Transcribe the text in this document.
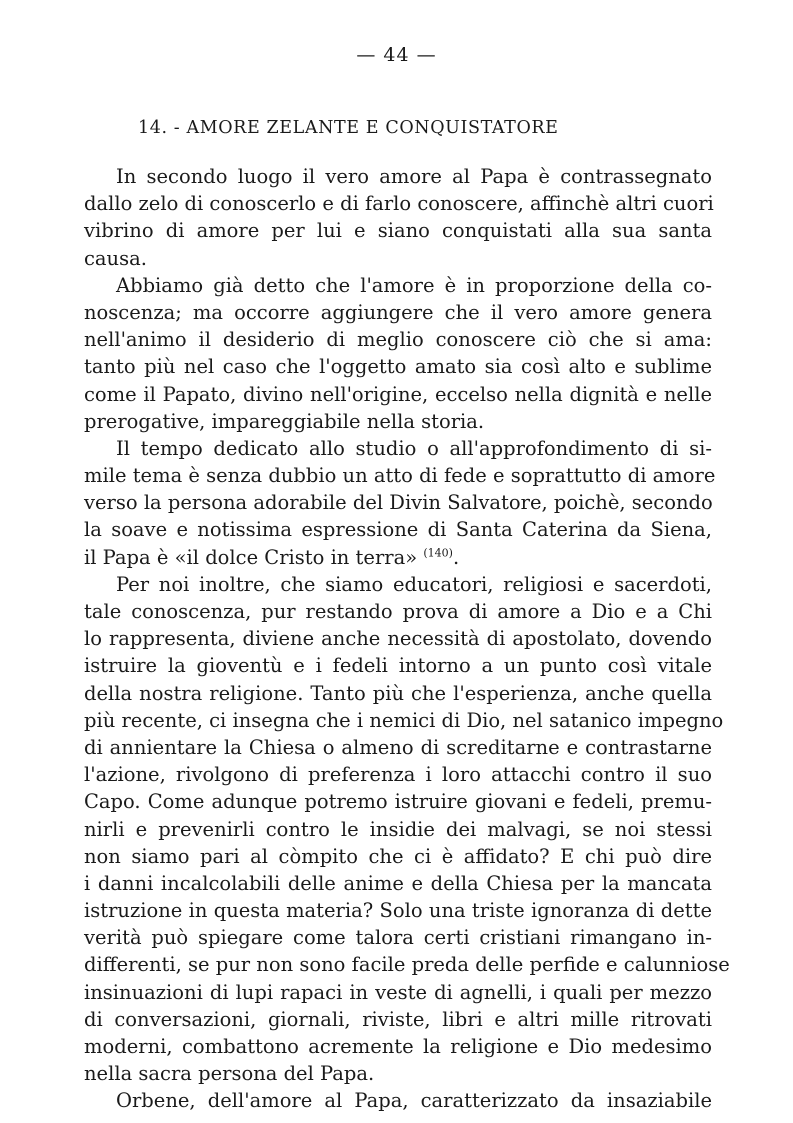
— 44 —
14. - AMORE ZELANTE E CONQUISTATORE
In secondo luogo il vero amore al Papa è contrassegnato
dallo zelo di conoscerlo e di farlo conoscere, affinchè altri cuori
vibrino di amore per lui e siano conquistati alla sua santa
causa.
Abbiamo già detto che l'amore è in proporzione della co-
noscenza; ma occorre aggiungere che il vero amore genera
nell'animo il desiderio di meglio conoscere ciò che si ama:
tanto più nel caso che l'oggetto amato sia così alto e sublime
come il Papato, divino nell'origine, eccelso nella dignità e nelle
prerogative, impareggiabile nella storia.
Il tempo dedicato allo studio o all'approfondimento di si-
mile tema è senza dubbio un atto di fede e soprattutto di amore
verso la persona adorabile del Divin Salvatore, poichè, secondo
la soave e notissima espressione di Santa Caterina da Siena,
il Papa è «il dolce Cristo in terra» $^{(140)}$.
Per noi inoltre, che siamo educatori, religiosi e sacerdoti,
tale conoscenza, pur restando prova di amore a Dio e a Chi
lo rappresenta, diviene anche necessità di apostolato, dovendo
istruire la gioventù e i fedeli intorno a un punto così vitale
della nostra religione. Tanto più che l'esperienza, anche quella
più recente, ci insegna che i nemici di Dio, nel satanico impegno
di annientare la Chiesa o almeno di screditarne e contrastarne
l'azione, rivolgono di preferenza i loro attacchi contro il suo
Capo. Come adunque potremo istruire giovani e fedeli, premu-
nirli e prevenirli contro le insidie dei malvagi, se noi stessi
non siamo pari al còmpito che ci è affidato? E chi può dire
i danni incalcolabili delle anime e della Chiesa per la mancata
istruzione in questa materia? Solo una triste ignoranza di dette
verità può spiegare come talora certi cristiani rimangano in-
differenti, se pur non sono facile preda delle perfide e calunniose
insinuazioni di lupi rapaci in veste di agnelli, i quali per mezzo
di conversazioni, giornali, riviste, libri e altri mille ritrovati
moderni, combattono acremente la religione e Dio medesimo
nella sacra persona del Papa.
Orbene, dell'amore al Papa, caratterizzato da insaziabile
